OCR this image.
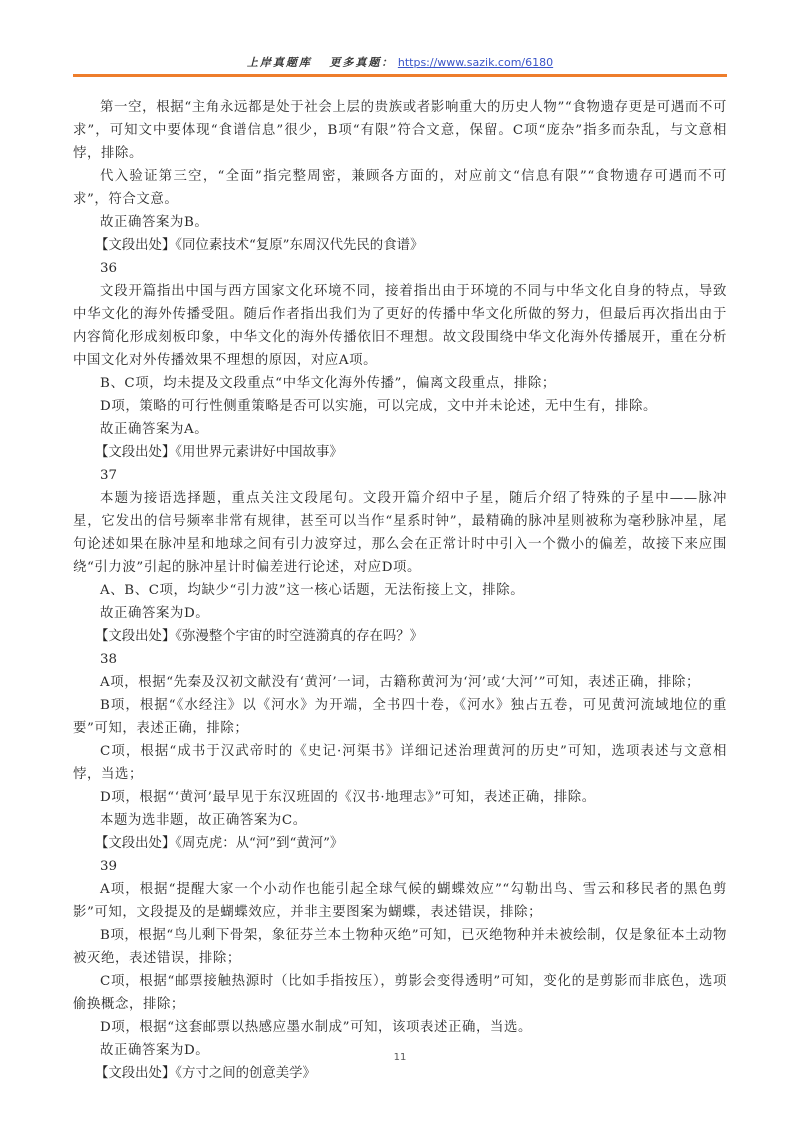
上岸真题库 更多真题： https://www.sazik.com/6180

第一空，根据“主角永远都是处于社会上层的贵族或者影响重大的历史人物”“食物遗存更是可遇而不可求”，可知文中要体现“食谱信息”很少，B项“有限”符合文意，保留。C项“庞杂”指多而杂乱，与文意相悖，排除。

代入验证第三空，“全面”指完整周密，兼顾各方面的，对应前文“信息有限”“食物遗存可遇而不可求”，符合文意。

故正确答案为B。

【文段出处】《同位素技术“复原”东周汉代先民的食谱》

36

文段开篇指出中国与西方国家文化环境不同，接着指出由于环境的不同与中华文化自身的特点，导致中华文化的海外传播受阻。随后作者指出我们为了更好的传播中华文化所做的努力，但最后再次指出由于内容简化形成刻板印象，中华文化的海外传播依旧不理想。故文段围绕中华文化海外传播展开，重在分析中国文化对外传播效果不理想的原因，对应A项。

B、C项，均未提及文段重点“中华文化海外传播”，偏离文段重点，排除；

D项，策略的可行性侧重策略是否可以实施，可以完成，文中并未论述，无中生有，排除。

故正确答案为A。

【文段出处】《用世界元素讲好中国故事》

37

本题为接语选择题，重点关注文段尾句。文段开篇介绍中子星，随后介绍了特殊的子星中——脉冲星，它发出的信号频率非常有规律，甚至可以当作“星系时钟”，最精确的脉冲星则被称为毫秒脉冲星，尾句论述如果在脉冲星和地球之间有引力波穿过，那么会在正常计时中引入一个微小的偏差，故接下来应围绕“引力波”引起的脉冲星计时偏差进行论述，对应D项。

A、B、C项，均缺少“引力波”这一核心话题，无法衔接上文，排除。

故正确答案为D。

【文段出处】《弥漫整个宇宙的时空涟漪真的存在吗？》

38

A项，根据“先秦及汉初文献没有‘黄河’一词，古籍称黄河为‘河’或‘大河’”可知，表述正确，排除；

B项，根据“《水经注》以《河水》为开端，全书四十卷，《河水》独占五卷，可见黄河流域地位的重要”可知，表述正确，排除；

C项，根据“成书于汉武帝时的《史记·河渠书》详细记述治理黄河的历史”可知，选项表述与文意相悖，当选；

D项，根据“‘黄河’最早见于东汉班固的《汉书·地理志》”可知，表述正确，排除。

本题为选非题，故正确答案为C。

【文段出处】《周克虎：从“河”到“黄河”》

39

A项，根据“提醒大家一个小动作也能引起全球气候的蝴蝶效应”“勾勒出鸟、雪云和移民者的黑色剪影”可知，文段提及的是蝴蝶效应，并非主要图案为蝴蝶，表述错误，排除；

B项，根据“鸟儿剩下骨架，象征芬兰本土物种灭绝”可知，已灭绝物种并未被绘制，仅是象征本土动物被灭绝，表述错误，排除；

C项，根据“邮票接触热源时（比如手指按压），剪影会变得透明”可知，变化的是剪影而非底色，选项偷换概念，排除；

D项，根据“这套邮票以热感应墨水制成”可知，该项表述正确，当选。

故正确答案为D。

【文段出处】《方寸之间的创意美学》

11
